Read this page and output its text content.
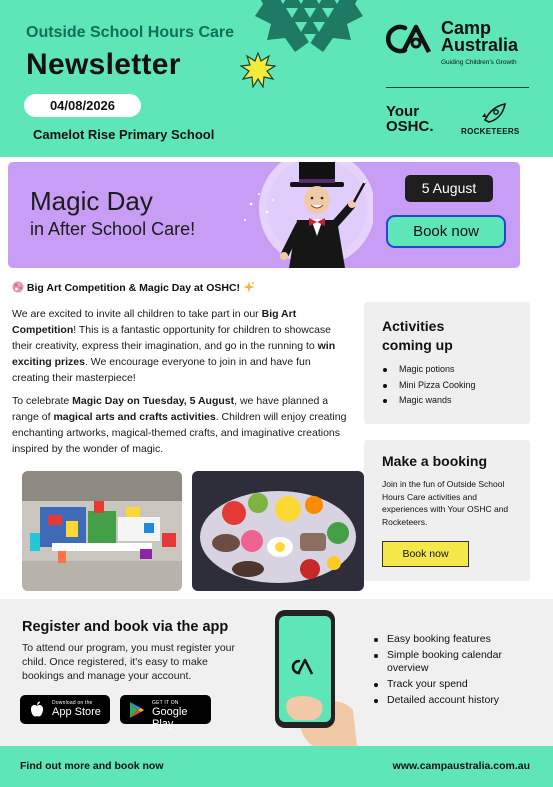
Outside School Hours Care
Newsletter
04/08/2026
Camelot Rise Primary School
Camp
Australia
Guiding Children's Growth
Your
OSHC.	ROCKETEERS
Magic Day
in After School Care!
5 August
Book now
Big Art Competition & Magic Day at OSHC!
We are excited to invite all children to take part in our Big Art Competition! This is a fantastic opportunity for children to showcase their creativity, express their imagination, and go in the running to win exciting prizes. We encourage everyone to join in and have fun creating their masterpiece!
To celebrate Magic Day on Tuesday, 5 August, we have planned a range of magical arts and crafts activities. Children will enjoy creating enchanting artworks, magical-themed crafts, and imaginative creations inspired by the wonder of magic.
Activities coming up
Magic potions
Mini Pizza Cooking
Magic wands
Make a booking
Join in the fun of Outside School Hours Care activities and experiences with Your OSHC and Rocketeers.
Book now
Register and book via the app
To attend our program, you must register your child. Once registered, it's easy to make bookings and manage your account.
Download on the
App Store
GET IT ON
Google Play
Easy booking features
Simple booking calendar overview
Track your spend
Detailed account history
Find out more and book now	www.campaustralia.com.au
